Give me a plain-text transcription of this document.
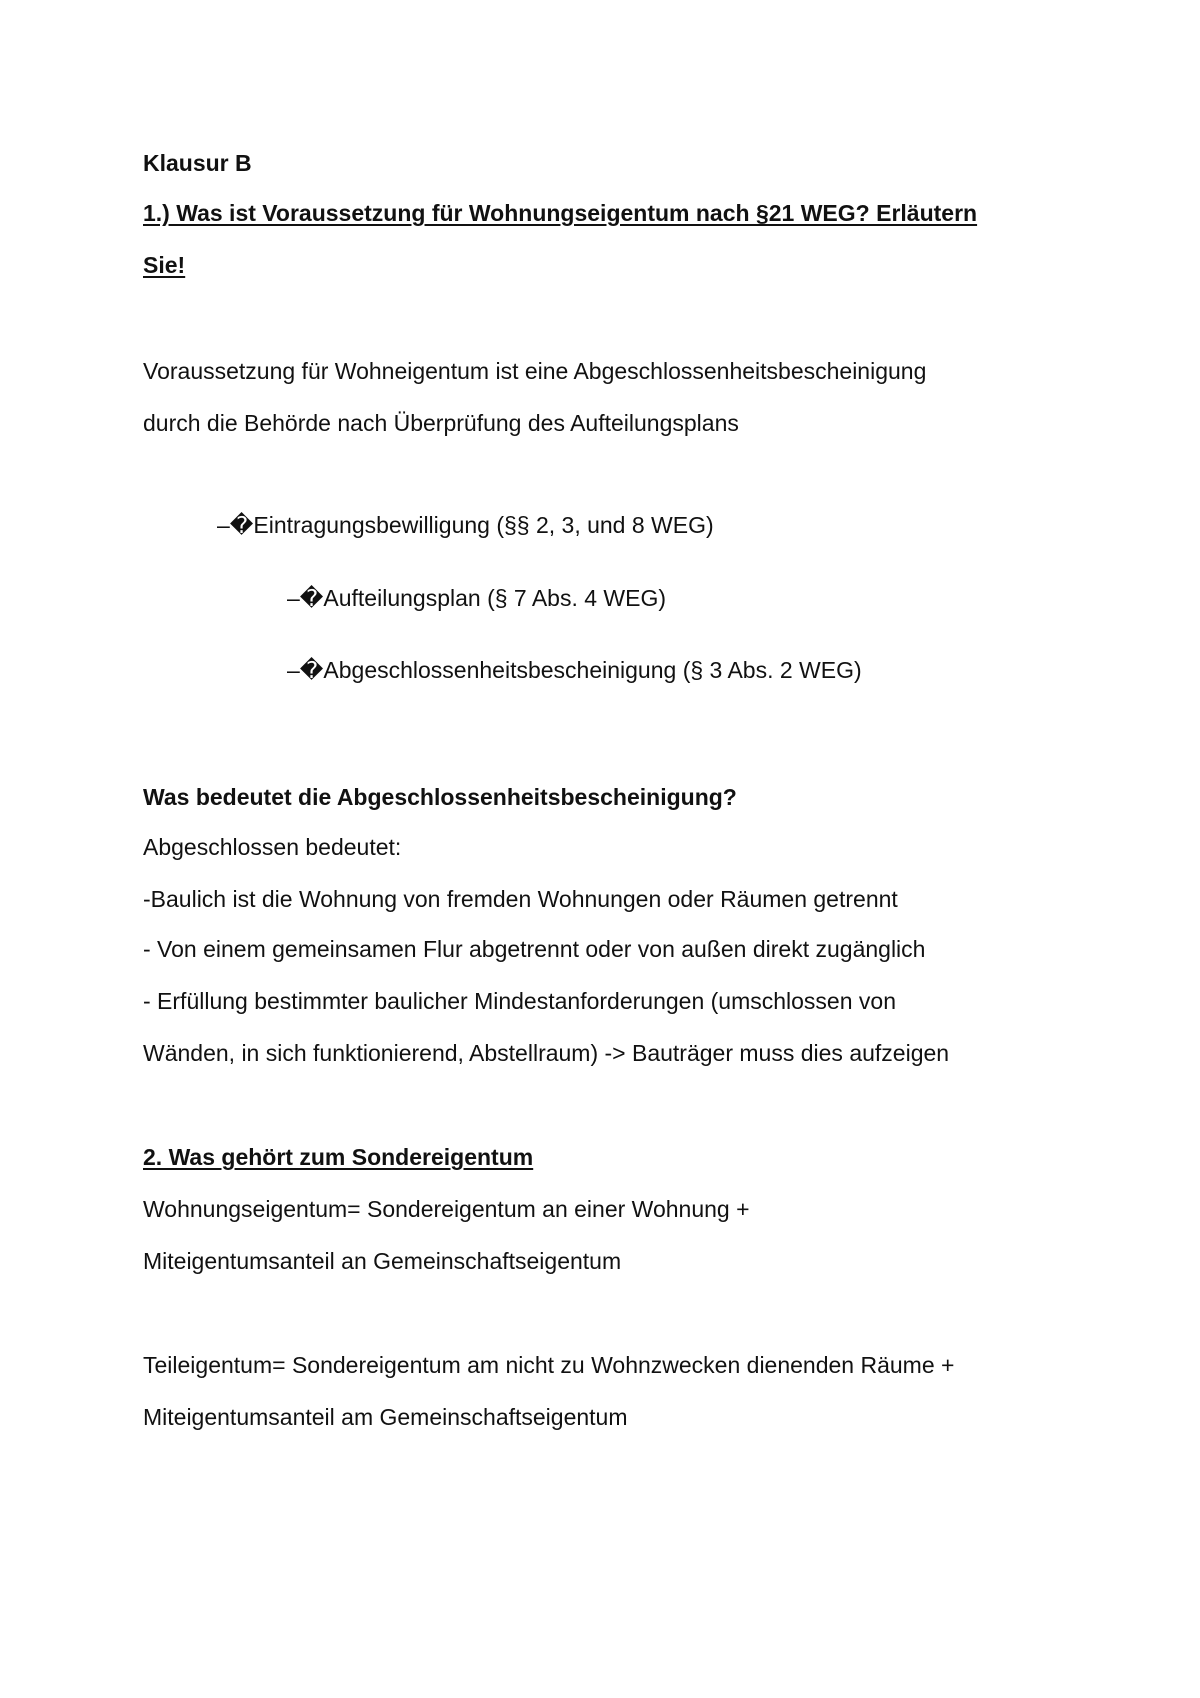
Klausur B
1.) Was ist Voraussetzung für Wohnungseigentum nach §21 WEG? Erläutern
Sie!
Voraussetzung für Wohneigentum ist eine Abgeschlossenheitsbescheinigung
durch die Behörde nach Überprüfung des Aufteilungsplans
–�Eintragungsbewilligung (§§ 2, 3, und 8 WEG)
–�Aufteilungsplan (§ 7 Abs. 4 WEG)
–�Abgeschlossenheitsbescheinigung (§ 3 Abs. 2 WEG)
Was bedeutet die Abgeschlossenheitsbescheinigung?
Abgeschlossen bedeutet:
-Baulich ist die Wohnung von fremden Wohnungen oder Räumen getrennt
- Von einem gemeinsamen Flur abgetrennt oder von außen direkt zugänglich
- Erfüllung bestimmter baulicher Mindestanforderungen (umschlossen von
Wänden, in sich funktionierend, Abstellraum) -> Bauträger muss dies aufzeigen
2. Was gehört zum Sondereigentum
Wohnungseigentum= Sondereigentum an einer Wohnung +
Miteigentumsanteil an Gemeinschaftseigentum
Teileigentum= Sondereigentum am nicht zu Wohnzwecken dienenden Räume +
Miteigentumsanteil am Gemeinschaftseigentum
